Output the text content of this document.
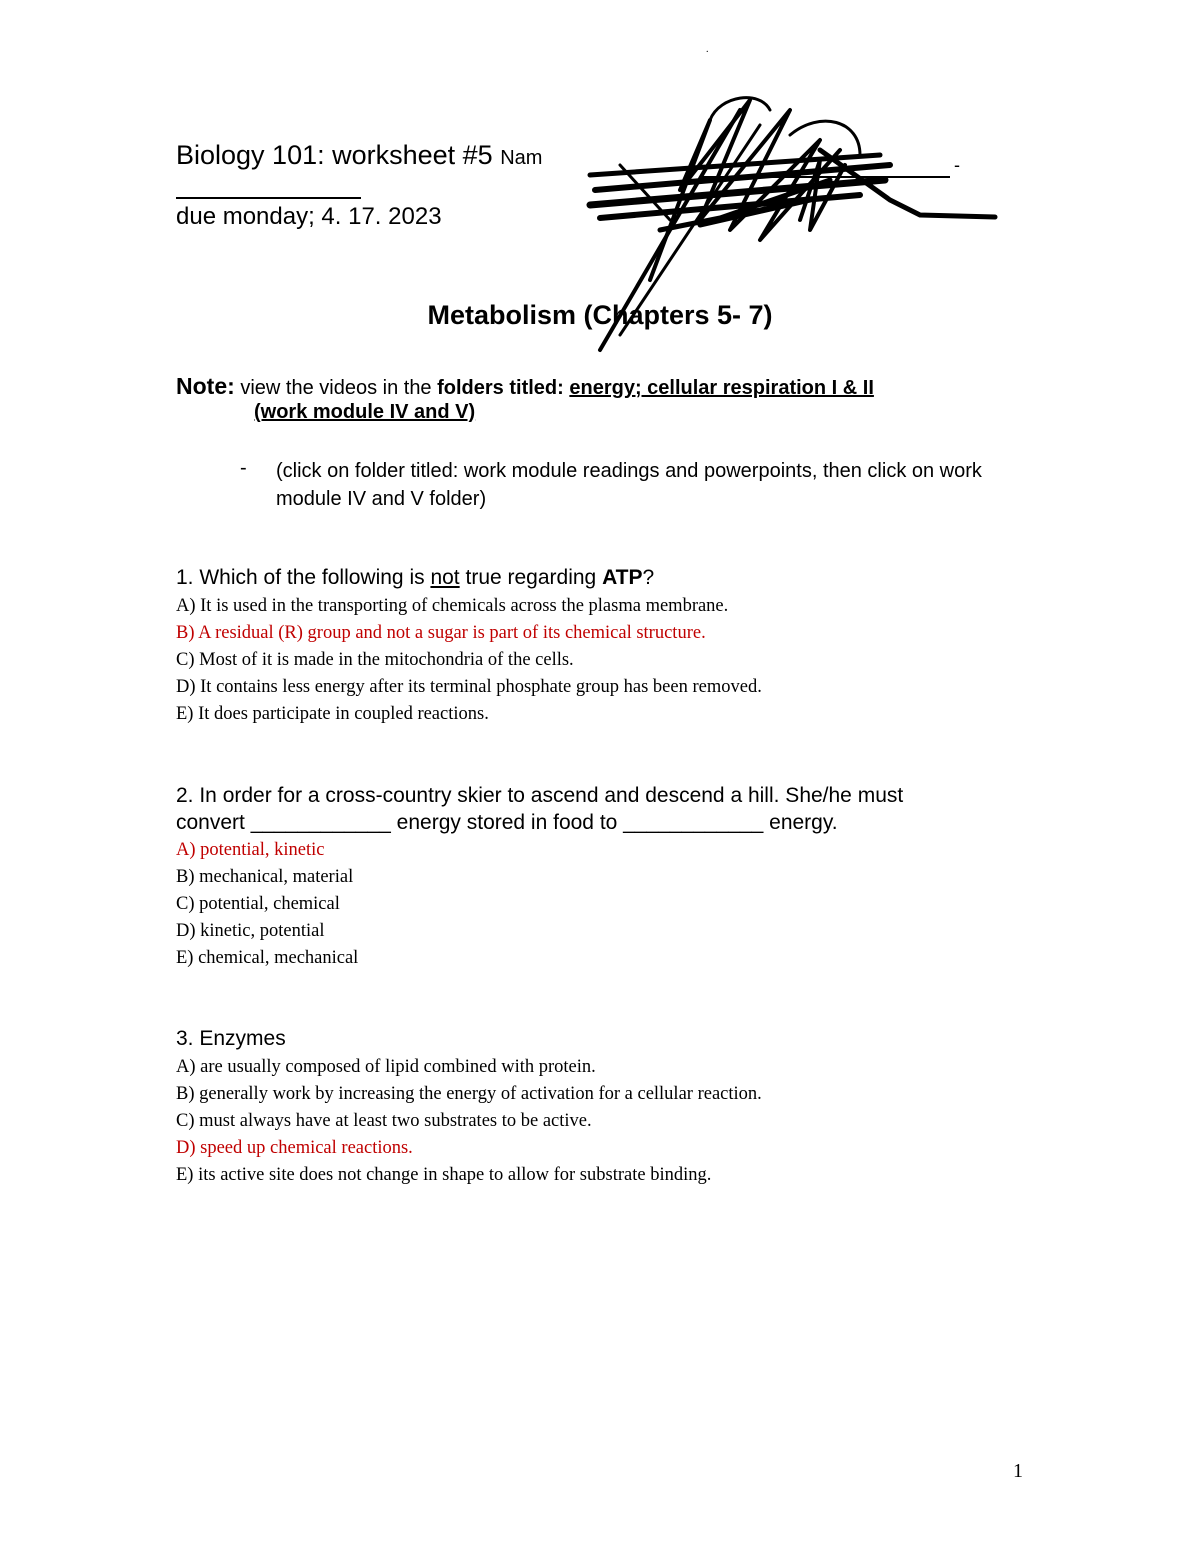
.
Biology 101: worksheet #5 Nam	-
due monday; 4. 17. 2023
Metabolism (Chapters 5- 7)
Note: view the videos in the folders titled: energy; cellular respiration I & II
(work module IV and V)
- (click on folder titled: work module readings and powerpoints, then click on work module IV and V folder)
1. Which of the following is not true regarding ATP?
A) It is used in the transporting of chemicals across the plasma membrane.
B) A residual (R) group and not a sugar is part of its chemical structure.
C) Most of it is made in the mitochondria of the cells.
D) It contains less energy after its terminal phosphate group has been removed.
E) It does participate in coupled reactions.
2. In order for a cross-country skier to ascend and descend a hill. She/he must
convert ____________ energy stored in food to ____________ energy.
A) potential, kinetic
B) mechanical, material
C) potential, chemical
D) kinetic, potential
E) chemical, mechanical
3. Enzymes
A) are usually composed of lipid combined with protein.
B) generally work by increasing the energy of activation for a cellular reaction.
C) must always have at least two substrates to be active.
D) speed up chemical reactions.
E) its active site does not change in shape to allow for substrate binding.
1
